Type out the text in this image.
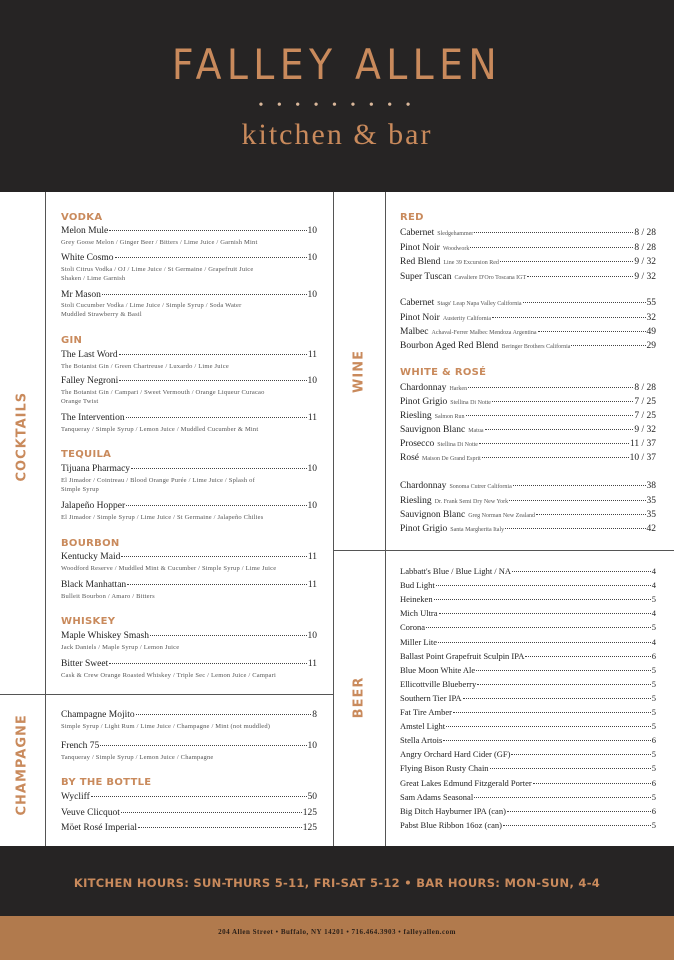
FALLEY ALLEN
• • • • • • • • •
kitchen & bar
COCKTAILS
CHAMPAGNE
WINE
BEER
VODKA
Melon Mule	10
Grey Goose Melon / Ginger Beer / Bitters / Lime Juice / Garnish Mint
White Cosmo	10
Stoli Citrus Vodka / OJ / Lime Juice / St Germaine / Grapefruit Juice
Shaken / Lime Garnish
Mr Mason	10
Stoli Cucumber Vodka / Lime Juice / Simple Syrup / Soda Water
Muddled Strawberry & Basil
GIN
The Last Word	11
The Botanist Gin / Green Chartreuse / Luxardo / Lime Juice
Falley Negroni	10
The Botanist Gin / Campari / Sweet Vermouth / Orange Liqueur Curacao
Orange Twist
The Intervention	11
Tanqueray / Simple Syrup / Lemon Juice / Muddled Cucumber & Mint
TEQUILA
Tijuana Pharmacy	10
El Jimador / Cointreau / Blood Orange Purée / Lime Juice / Splash of
Simple Syrup
Jalapeño Hopper	10
El Jimador / Simple Syrup / Lime Juice / St Germaine / Jalapeño Chilies
BOURBON
Kentucky Maid	11
Woodford Reserve / Muddled Mint & Cucumber / Simple Syrup / Lime Juice
Black Manhattan	11
Bulleit Bourbon / Amaro / Bitters
WHISKEY
Maple Whiskey Smash	10
Jack Daniels / Maple Syrup / Lemon Juice
Bitter Sweet	11
Cask & Crew Orange Roasted Whiskey / Triple Sec / Lemon Juice / Campari
Champagne Mojito	8
Simple Syrup / Light Rum / Lime Juice / Champagne / Mint (not muddled)
French 75	10
Tanqueray / Simple Syrup / Lemon Juice / Champagne
BY THE BOTTLE
Wycliff	50
Veuve Clicquot	125
Möet Rosé Imperial	125
RED
Cabernet Sledgehammer	8 / 28
Pinot Noir Woodwork	8 / 28
Red Blend Line 39 Excursion Red	9 / 32
Super Tuscan Cavaliere D'Oro Toscana IGT	9 / 32
Cabernet Stags' Leap Napa Valley California	55
Pinot Noir Austerity California	32
Malbec Achaval-Ferrer Malbec Mendoza Argentina	49
Bourbon Aged Red Blend Beringer Brothers California	29
WHITE & ROSÉ
Chardonnay Harken	8 / 28
Pinot Grigio Stellina Di Notte	7 / 25
Riesling Salmon Run	7 / 25
Sauvignon Blanc Matua	9 / 32
Prosecco Stellina Di Notte	11 / 37
Rosé Maison De Grand Esprit	10 / 37
Chardonnay Sonoma Cutrer California	38
Riesling Dr. Frank Semi Dry New York	35
Sauvignon Blanc Greg Norman New Zealand	35
Pinot Grigio Santa Margherita Italy	42
Labbatt's Blue / Blue Light / NA	4
Bud Light	4
Heineken	5
Mich Ultra	4
Corona	5
Miller Lite	4
Ballast Point Grapefruit Sculpin IPA	6
Blue Moon White Ale	5
Ellicottville Blueberry	5
Southern Tier IPA	5
Fat Tire Amber	5
Amstel Light	5
Stella Artois	6
Angry Orchard Hard Cider (GF)	5
Flying Bison Rusty Chain	5
Great Lakes Edmund Fitzgerald Porter	6
Sam Adams Seasonal	5
Big Ditch Hayburner IPA (can)	6
Pabst Blue Ribbon 16oz (can)	5
KITCHEN HOURS: SUN-THURS 5-11, FRI-SAT 5-12 • BAR HOURS: MON-SUN, 4-4
204 Allen Street • Buffalo, NY 14201 • 716.464.3903 • falleyallen.com
